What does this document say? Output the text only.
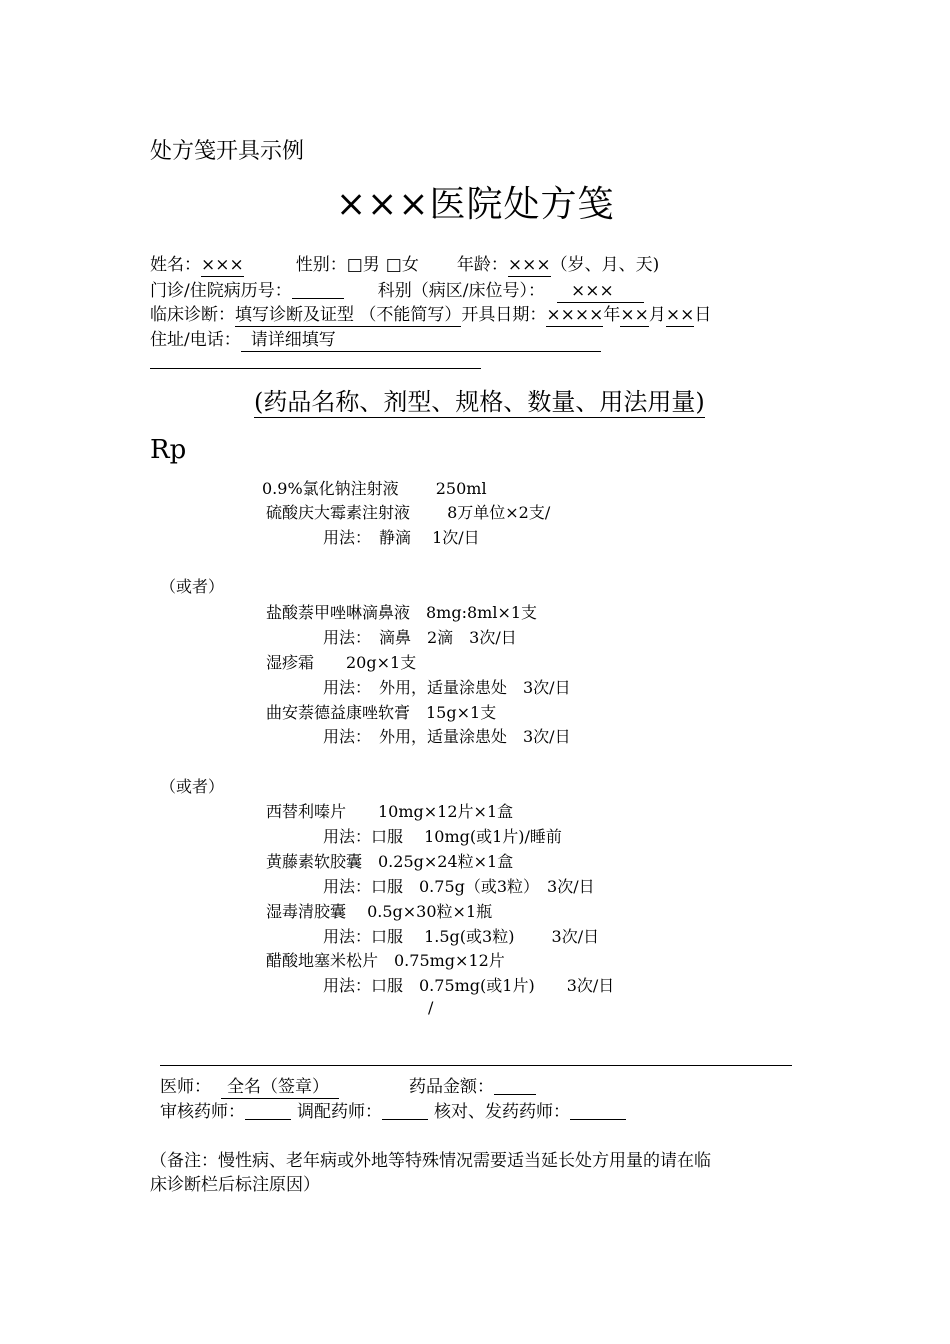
处方笺开具示例
×××医院处方笺
姓名：×××	性别：□男 □女 年龄：×××（岁、月、天)
门诊/住院病历号：	科别（病区/床位号）： ×××
临床诊断：填写诊断及证型 （不能简写）开具日期：××××年××月××日
住址/电话： 请详细填写
(药品名称、剂型、规格、数量、用法用量)
Rp
0.9%氯化钠注射液　　 250ml
硫酸庆大霉素注射液　　 8万单位×2支/
用法：　静滴　 1次/日
（或者）
盐酸萘甲唑啉滴鼻液　8mg:8ml×1支
用法：　滴鼻　2滴　3次/日
湿疹霜　　20g×1支
用法：　外用，适量涂患处　3次/日
曲安萘德益康唑软膏　15g×1支
用法：　外用，适量涂患处　3次/日
（或者）
西替利嗪片　　10mg×12片×1盒
用法：口服　 10mg(或1片)/睡前
黄藤素软胶囊　0.25g×24粒×1盒
用法：口服　0.75g（或3粒）　3次/日
湿毒清胶囊　 0.5g×30粒×1瓶
用法：口服　 1.5g(或3粒)　　 3次/日
醋酸地塞米松片　0.75mg×12片
用法：口服　0.75mg(或1片)　　3次/日
/
医师： 全名（签章）	药品金额：
审核药师：	调配药师：	核对、发药药师：
（备注：慢性病、老年病或外地等特殊情况需要适当延长处方用量的请在临
床诊断栏后标注原因）
